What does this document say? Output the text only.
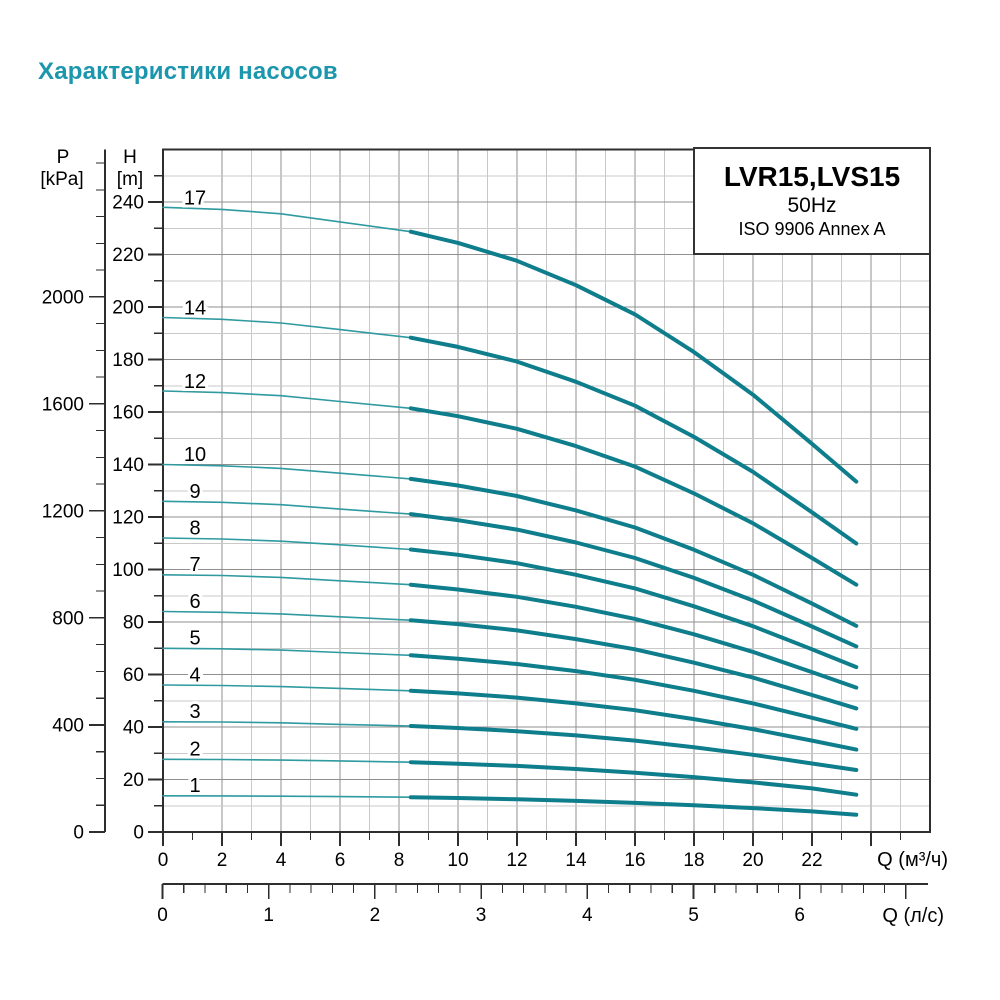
Характеристики насосов
0
400
800
1200
1600
2000
P
[kPa]
0
20
40
60
80
100
120
140
160
180
200
220
240
H
[m]
0	2	4	6	8 10 12 14 16 18 20 22	Q (м³/ч)
0	1	2	3	4	5	6	Q (л/с)
17
14
12
10
9
8
7
6
5
4
3
2
1
LVR15,LVS15
50Hz
ISO 9906 Annex A
